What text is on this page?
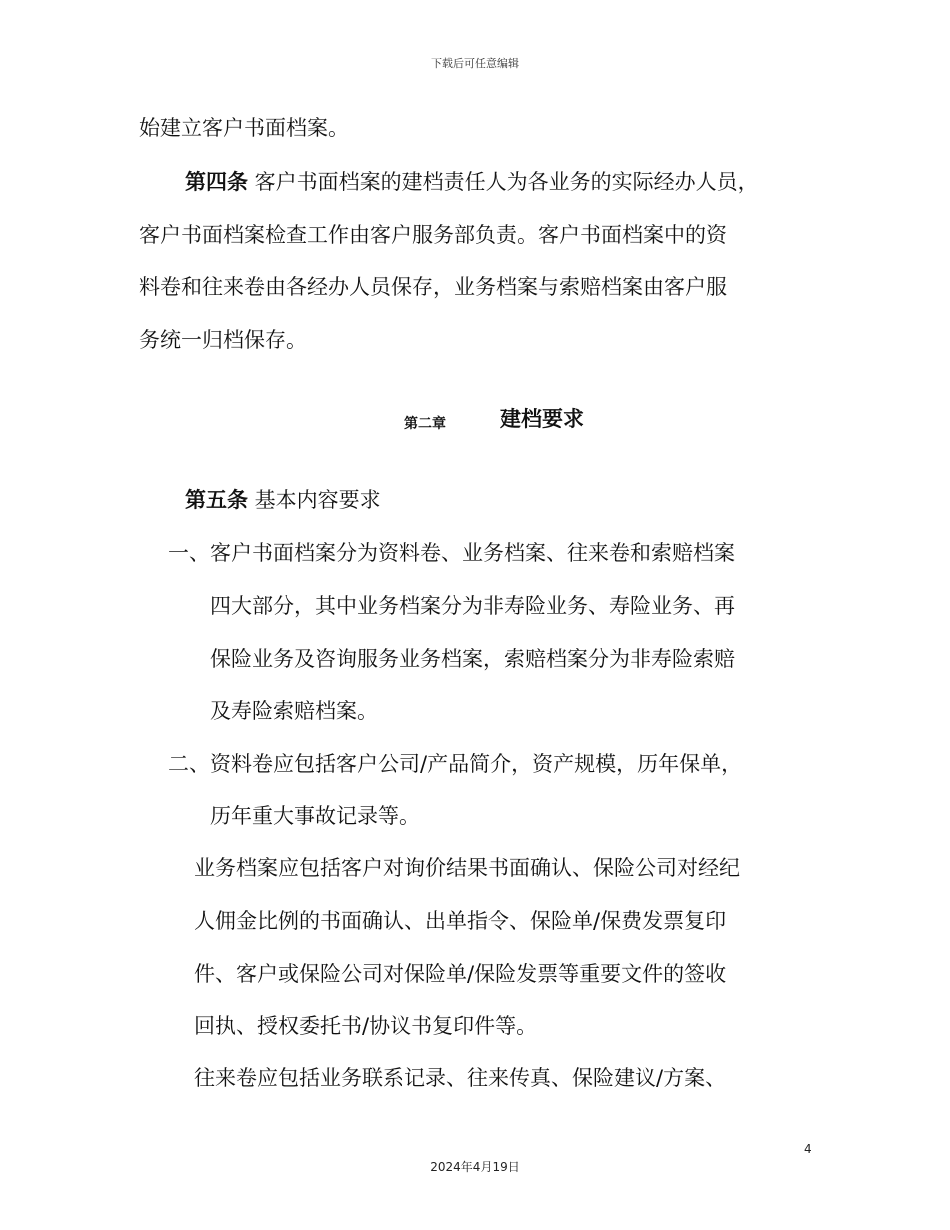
下载后可任意编辑
始建立客户书面档案。
第四条 客户书面档案的建档责任人为各业务的实际经办人员，
客户书面档案检查工作由客户服务部负责。客户书面档案中的资
料卷和往来卷由各经办人员保存，业务档案与索赔档案由客户服
务统一归档保存。
第二章	建档要求
第五条 基本内容要求
一、客户书面档案分为资料卷、业务档案、往来卷和索赔档案
四大部分，其中业务档案分为非寿险业务、寿险业务、再
保险业务及咨询服务业务档案，索赔档案分为非寿险索赔
及寿险索赔档案。
二、资料卷应包括客户公司/产品简介，资产规模，历年保单，
历年重大事故记录等。
业务档案应包括客户对询价结果书面确认、保险公司对经纪
人佣金比例的书面确认、出单指令、保险单/保费发票复印
件、客户或保险公司对保险单/保险发票等重要文件的签收
回执、授权委托书/协议书复印件等。
往来卷应包括业务联系记录、往来传真、保险建议/方案、
4
2024年4月19日
